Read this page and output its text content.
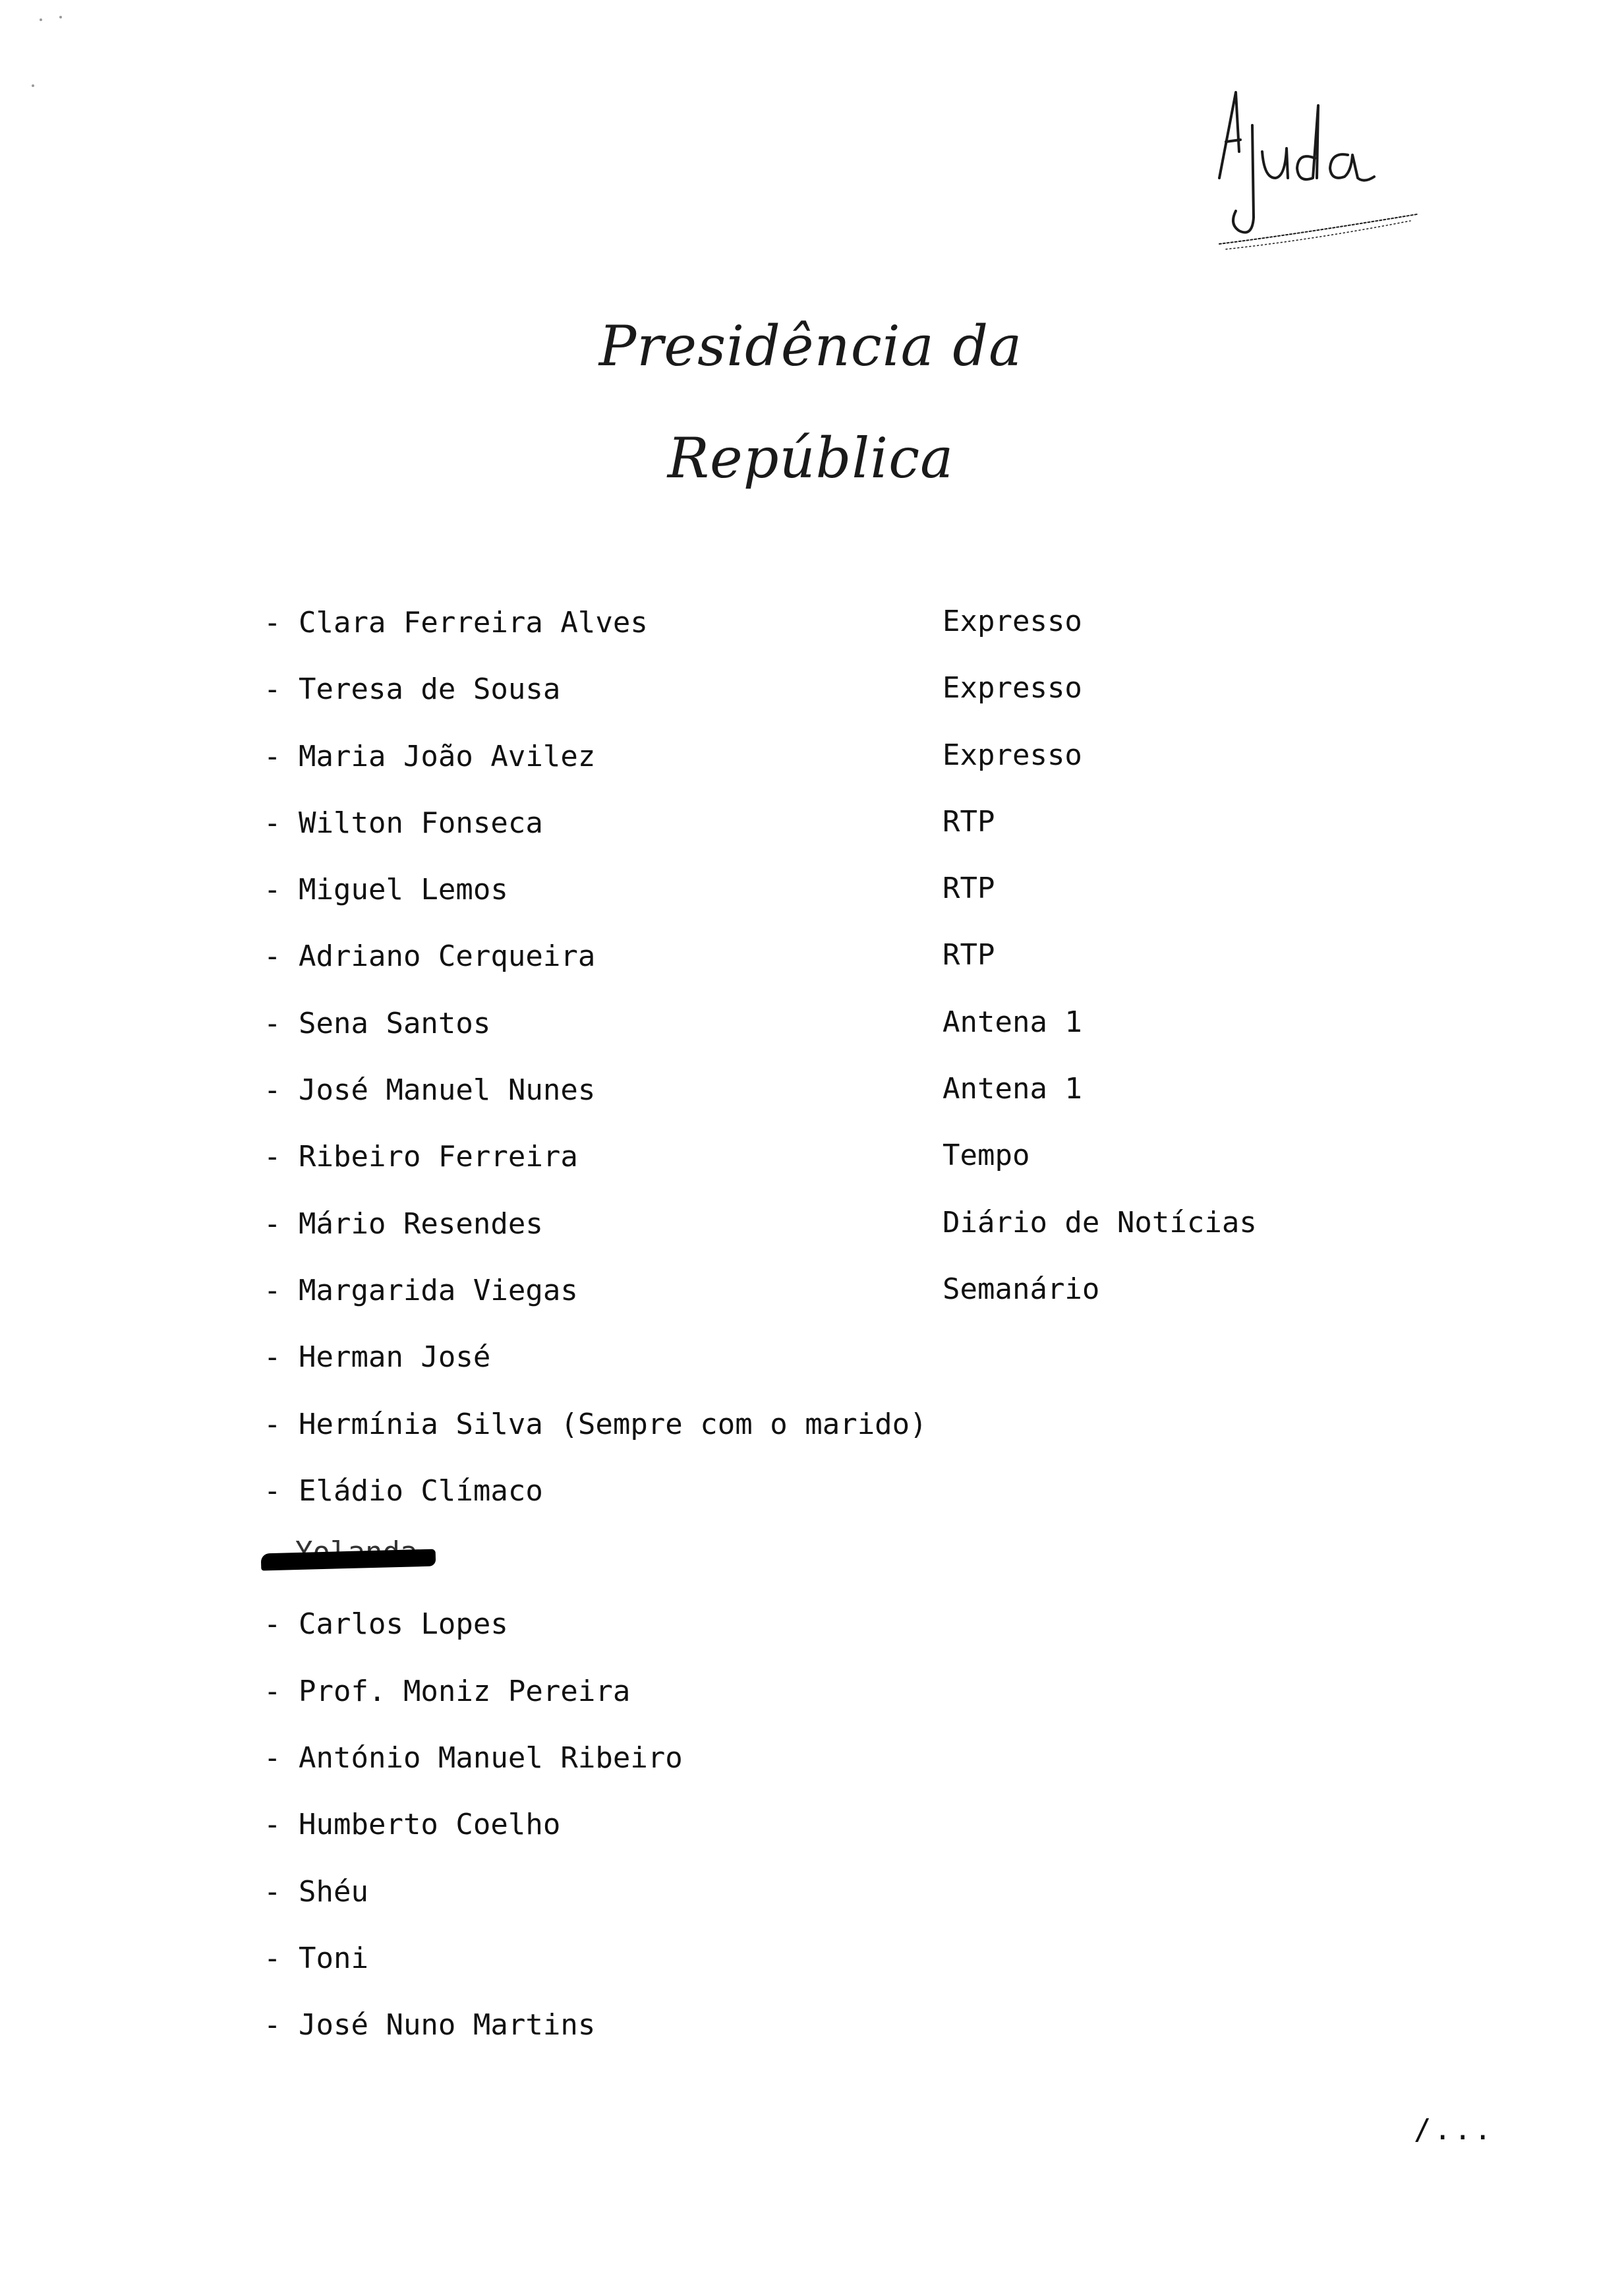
Presidência da República
- Clara Ferreira Alves	Expresso
- Teresa de Sousa	Expresso
- Maria João Avilez	Expresso
- Wilton Fonseca	RTP
- Miguel Lemos	RTP
- Adriano Cerqueira	RTP
- Sena Santos	Antena 1
- José Manuel Nunes	Antena 1
- Ribeiro Ferreira	Tempo
- Mário Resendes	Diário de Notícias
- Margarida Viegas	Semanário
- Herman José
- Hermínia Silva (Sempre com o marido)
- Eládio Clímaco
- Carlos Lopes
- Prof. Moniz Pereira
- António Manuel Ribeiro
- Humberto Coelho
- Shéu
- Toni
- José Nuno Martins
/...
